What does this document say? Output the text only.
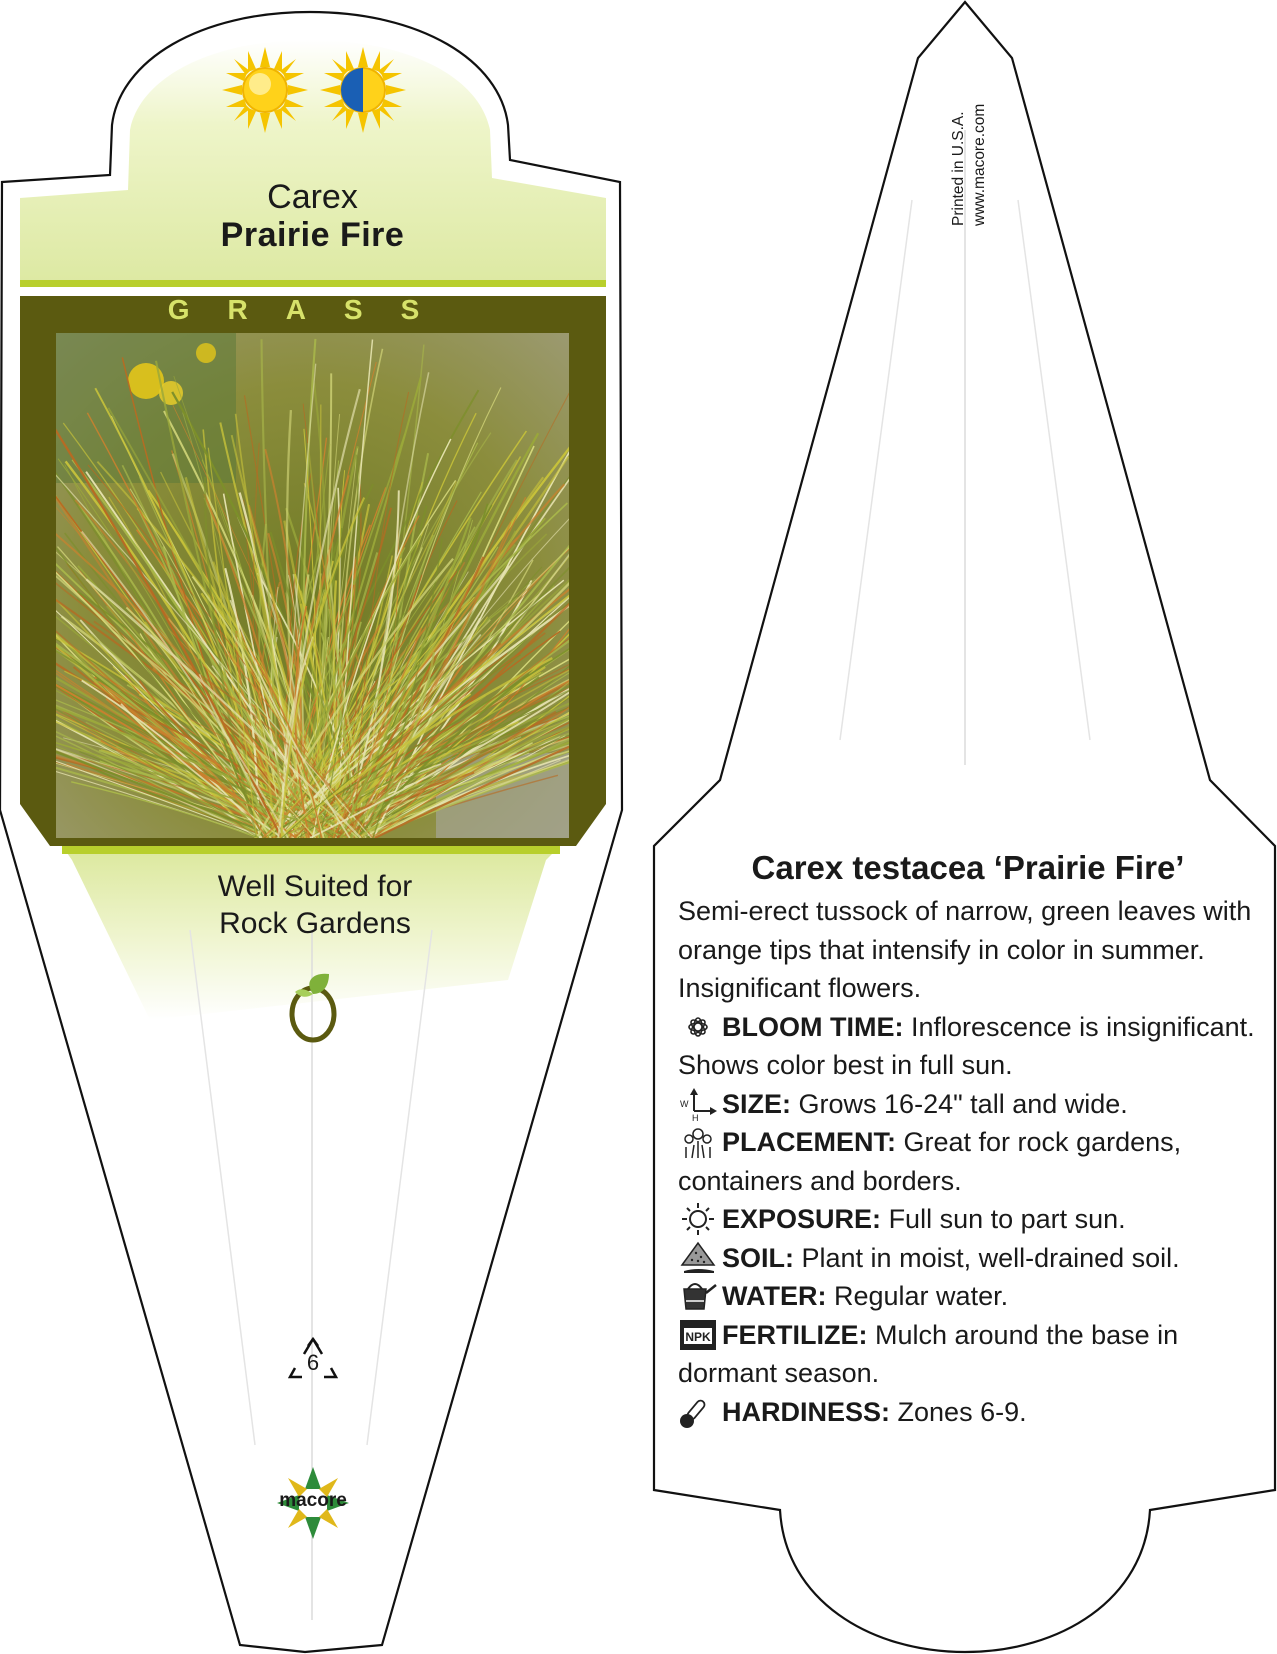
Carex
Prairie Fire
GRASS
Well Suited for
Rock Gardens
6
macore
Printed in U.S.A. www.macore.com
Carex testacea ‘Prairie Fire’

Semi-erect tussock of narrow, green leaves with orange tips that intensify in color in summer. Insignificant flowers.

BLOOM TIME: Inflorescence is insignificant. Shows color best in full sun.

W
H SIZE: Grows 16-24" tall and wide.

PLACEMENT: Great for rock gardens, containers and borders.

EXPOSURE: Full sun to part sun.

SOIL: Plant in moist, well-drained soil.

WATER: Regular water.

NPK FERTILIZE: Mulch around the base in dormant season.

HARDINESS: Zones 6-9.
